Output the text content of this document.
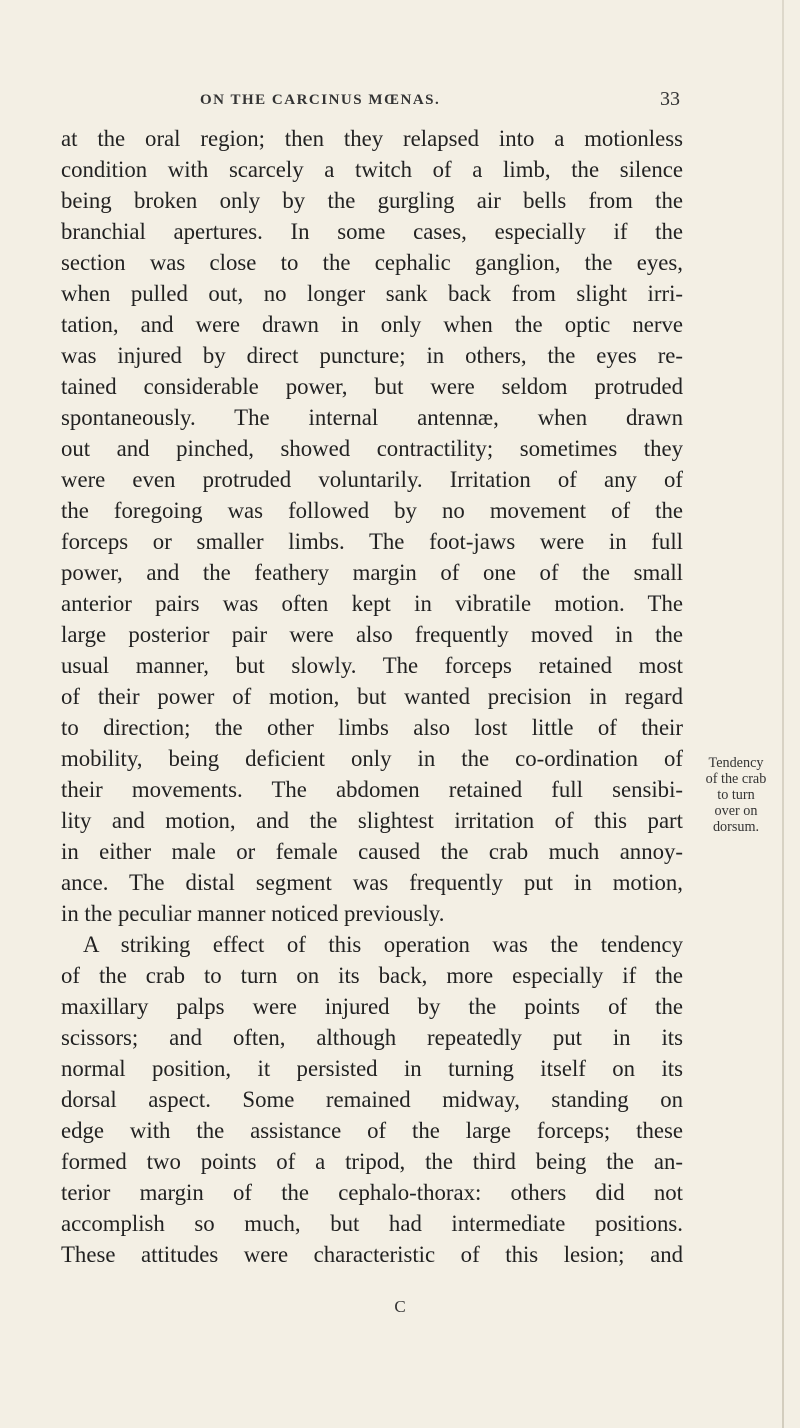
ON THE CARCINUS MŒNAS.	33
at the oral region; then they relapsed into a motionless
condition with scarcely a twitch of a limb, the silence
being broken only by the gurgling air bells from the
branchial apertures. In some cases, especially if the
section was close to the cephalic ganglion, the eyes,
when pulled out, no longer sank back from slight irri-
tation, and were drawn in only when the optic nerve
was injured by direct puncture; in others, the eyes re-
tained considerable power, but were seldom protruded
spontaneously. The internal antennæ, when drawn
out and pinched, showed contractility; sometimes they
were even protruded voluntarily. Irritation of any of
the foregoing was followed by no movement of the
forceps or smaller limbs. The foot-jaws were in full
power, and the feathery margin of one of the small
anterior pairs was often kept in vibratile motion. The
large posterior pair were also frequently moved in the
usual manner, but slowly. The forceps retained most
of their power of motion, but wanted precision in regard
to direction; the other limbs also lost little of their
mobility, being deficient only in the co-ordination of
their movements. The abdomen retained full sensibi-
lity and motion, and the slightest irritation of this part
in either male or female caused the crab much annoy-
ance. The distal segment was frequently put in motion,
in the peculiar manner noticed previously.
A striking effect of this operation was the tendency
of the crab to turn on its back, more especially if the
maxillary palps were injured by the points of the
scissors; and often, although repeatedly put in its
normal position, it persisted in turning itself on its
dorsal aspect. Some remained midway, standing on
edge with the assistance of the large forceps; these
formed two points of a tripod, the third being the an-
terior margin of the cephalo-thorax: others did not
accomplish so much, but had intermediate positions.
These attitudes were characteristic of this lesion; and
Tendency
of the crab
to turn
over on
dorsum.
C
